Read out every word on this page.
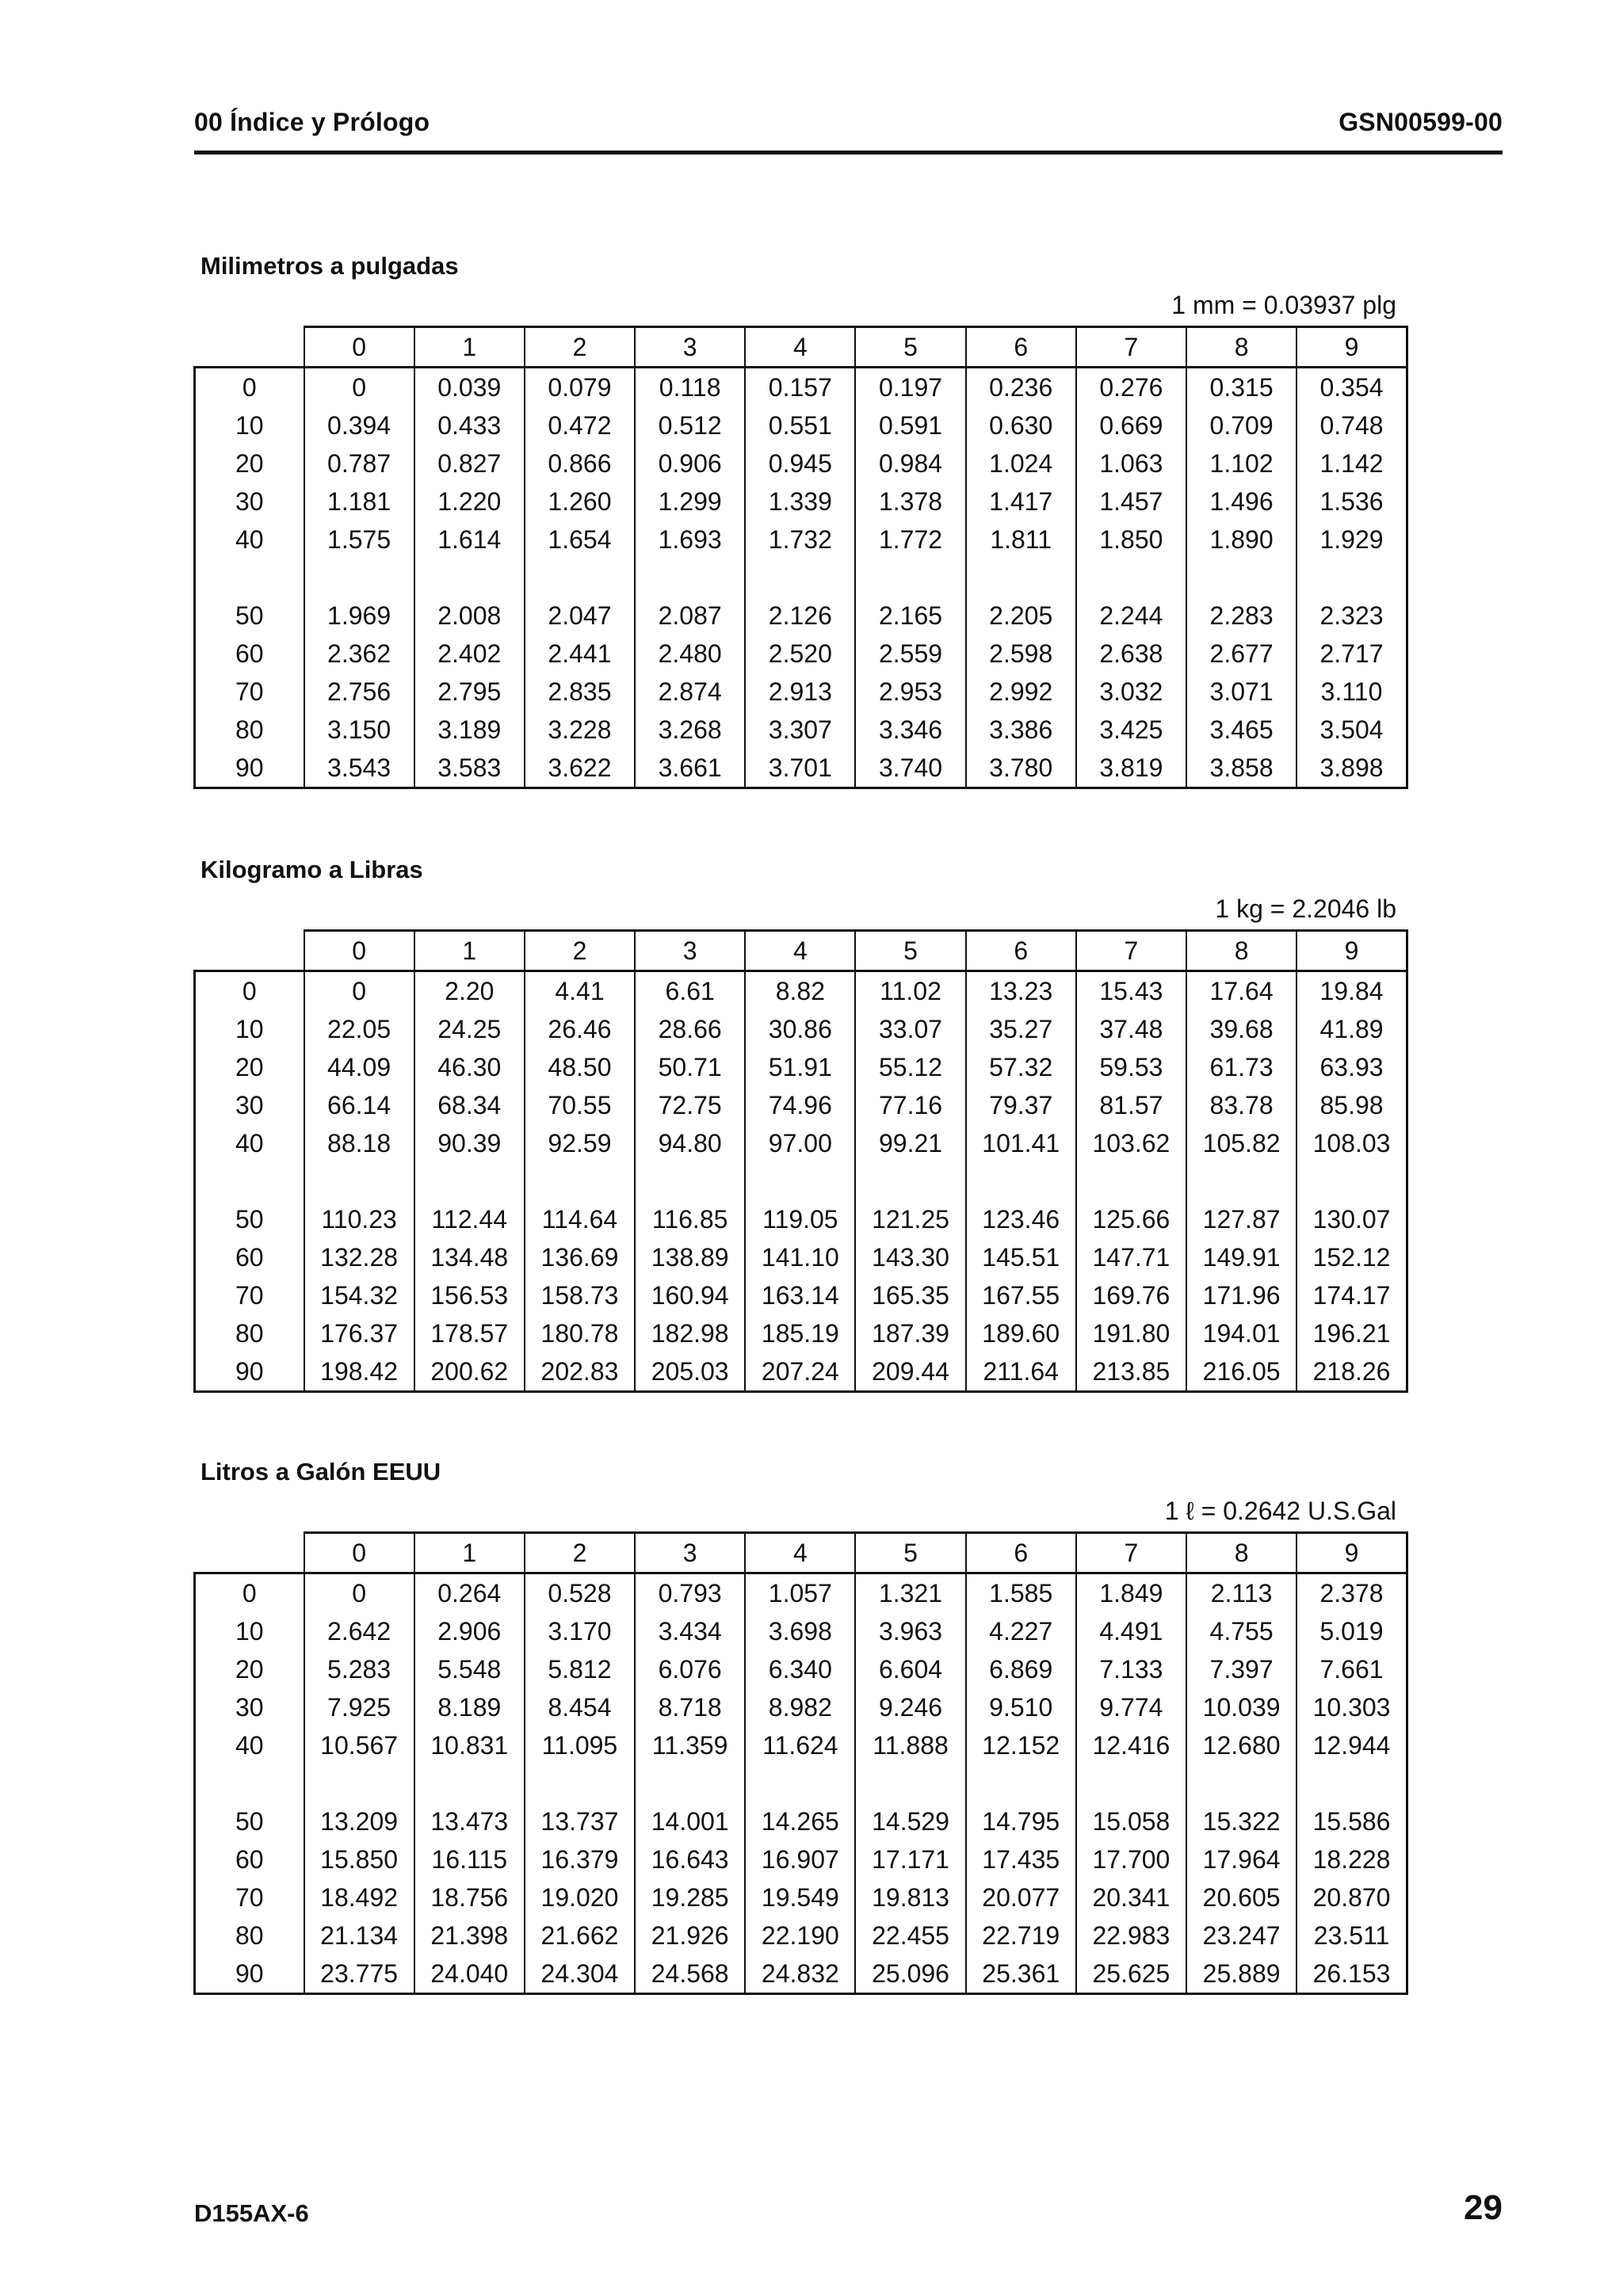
00 Índice y Prólogo	GSN00599-00
Milimetros a pulgadas
1 mm = 0.03937 plg
	0	1	2	3	4	5	6	7	8	9
0	0	0.039	0.079	0.118	0.157	0.197	0.236	0.276	0.315	0.354
10	0.394	0.433	0.472	0.512	0.551	0.591	0.630	0.669	0.709	0.748
20	0.787	0.827	0.866	0.906	0.945	0.984	1.024	1.063	1.102	1.142
30	1.181	1.220	1.260	1.299	1.339	1.378	1.417	1.457	1.496	1.536
40	1.575	1.614	1.654	1.693	1.732	1.772	1.811	1.850	1.890	1.929

50	1.969	2.008	2.047	2.087	2.126	2.165	2.205	2.244	2.283	2.323
60	2.362	2.402	2.441	2.480	2.520	2.559	2.598	2.638	2.677	2.717
70	2.756	2.795	2.835	2.874	2.913	2.953	2.992	3.032	3.071	3.110
80	3.150	3.189	3.228	3.268	3.307	3.346	3.386	3.425	3.465	3.504
90	3.543	3.583	3.622	3.661	3.701	3.740	3.780	3.819	3.858	3.898
Kilogramo a Libras
1 kg = 2.2046 lb
	0	1	2	3	4	5	6	7	8	9
0	0	2.20	4.41	6.61	8.82	11.02	13.23	15.43	17.64	19.84
10	22.05	24.25	26.46	28.66	30.86	33.07	35.27	37.48	39.68	41.89
20	44.09	46.30	48.50	50.71	51.91	55.12	57.32	59.53	61.73	63.93
30	66.14	68.34	70.55	72.75	74.96	77.16	79.37	81.57	83.78	85.98
40	88.18	90.39	92.59	94.80	97.00	99.21	101.41	103.62	105.82	108.03

50	110.23	112.44	114.64	116.85	119.05	121.25	123.46	125.66	127.87	130.07
60	132.28	134.48	136.69	138.89	141.10	143.30	145.51	147.71	149.91	152.12
70	154.32	156.53	158.73	160.94	163.14	165.35	167.55	169.76	171.96	174.17
80	176.37	178.57	180.78	182.98	185.19	187.39	189.60	191.80	194.01	196.21
90	198.42	200.62	202.83	205.03	207.24	209.44	211.64	213.85	216.05	218.26
Litros a Galón EEUU
1 ℓ = 0.2642 U.S.Gal
	0	1	2	3	4	5	6	7	8	9
0	0	0.264	0.528	0.793	1.057	1.321	1.585	1.849	2.113	2.378
10	2.642	2.906	3.170	3.434	3.698	3.963	4.227	4.491	4.755	5.019
20	5.283	5.548	5.812	6.076	6.340	6.604	6.869	7.133	7.397	7.661
30	7.925	8.189	8.454	8.718	8.982	9.246	9.510	9.774	10.039	10.303
40	10.567	10.831	11.095	11.359	11.624	11.888	12.152	12.416	12.680	12.944

50	13.209	13.473	13.737	14.001	14.265	14.529	14.795	15.058	15.322	15.586
60	15.850	16.115	16.379	16.643	16.907	17.171	17.435	17.700	17.964	18.228
70	18.492	18.756	19.020	19.285	19.549	19.813	20.077	20.341	20.605	20.870
80	21.134	21.398	21.662	21.926	22.190	22.455	22.719	22.983	23.247	23.511
90	23.775	24.040	24.304	24.568	24.832	25.096	25.361	25.625	25.889	26.153
D155AX-6	29
